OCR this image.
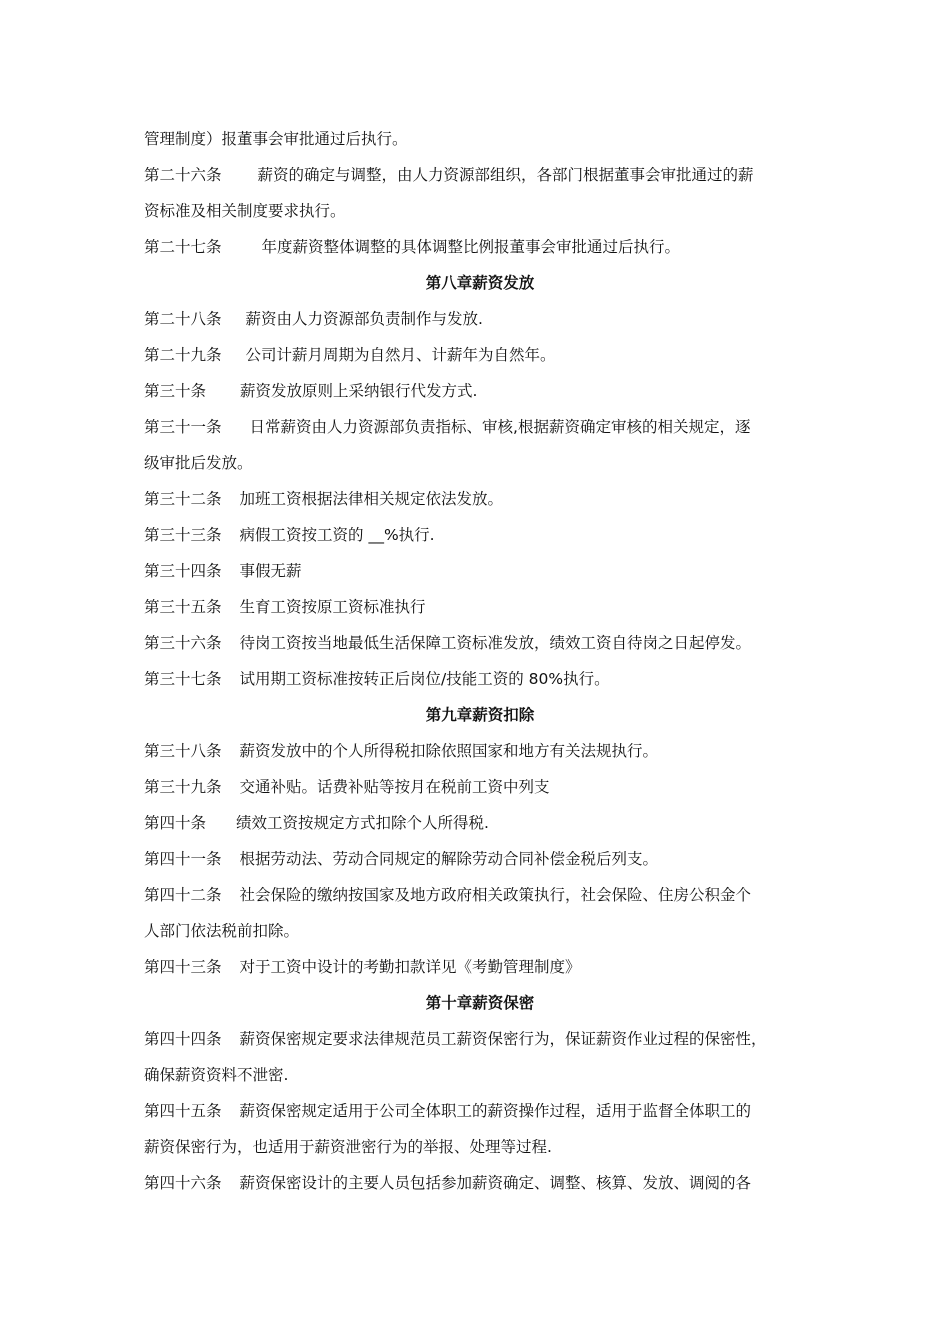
管理制度）报董事会审批通过后执行。
第二十六条 薪资的确定与调整，由人力资源部组织，各部门根据董事会审批通过的薪
资标准及相关制度要求执行。
第二十七条	年度薪资整体调整的具体调整比例报董事会审批通过后执行。
第八章薪资发放
第二十八条 薪资由人力资源部负责制作与发放.
第二十九条 公司计薪月周期为自然月、计薪年为自然年。
第三十条 薪资发放原则上采纳银行代发方式.
第三十一条 日常薪资由人力资源部负责指标、审核,根据薪资确定审核的相关规定，逐
级审批后发放。
第三十二条 加班工资根据法律相关规定依法发放。
第三十三条 病假工资按工资的 __%执行.
第三十四条 事假无薪
第三十五条 生育工资按原工资标准执行
第三十六条 待岗工资按当地最低生活保障工资标准发放，绩效工资自待岗之日起停发。
第三十七条 试用期工资标准按转正后岗位/技能工资的 80%执行。
第九章薪资扣除
第三十八条 薪资发放中的个人所得税扣除依照国家和地方有关法规执行。
第三十九条 交通补贴。话费补贴等按月在税前工资中列支
第四十条 绩效工资按规定方式扣除个人所得税.
第四十一条 根据劳动法、劳动合同规定的解除劳动合同补偿金税后列支。
第四十二条 社会保险的缴纳按国家及地方政府相关政策执行，社会保险、住房公积金个
人部门依法税前扣除。
第四十三条 对于工资中设计的考勤扣款详见《考勤管理制度》
第十章薪资保密
第四十四条 薪资保密规定要求法律规范员工薪资保密行为，保证薪资作业过程的保密性，
确保薪资资料不泄密.
第四十五条 薪资保密规定适用于公司全体职工的薪资操作过程，适用于监督全体职工的
薪资保密行为，也适用于薪资泄密行为的举报、处理等过程.
第四十六条 薪资保密设计的主要人员包括参加薪资确定、调整、核算、发放、调阅的各
